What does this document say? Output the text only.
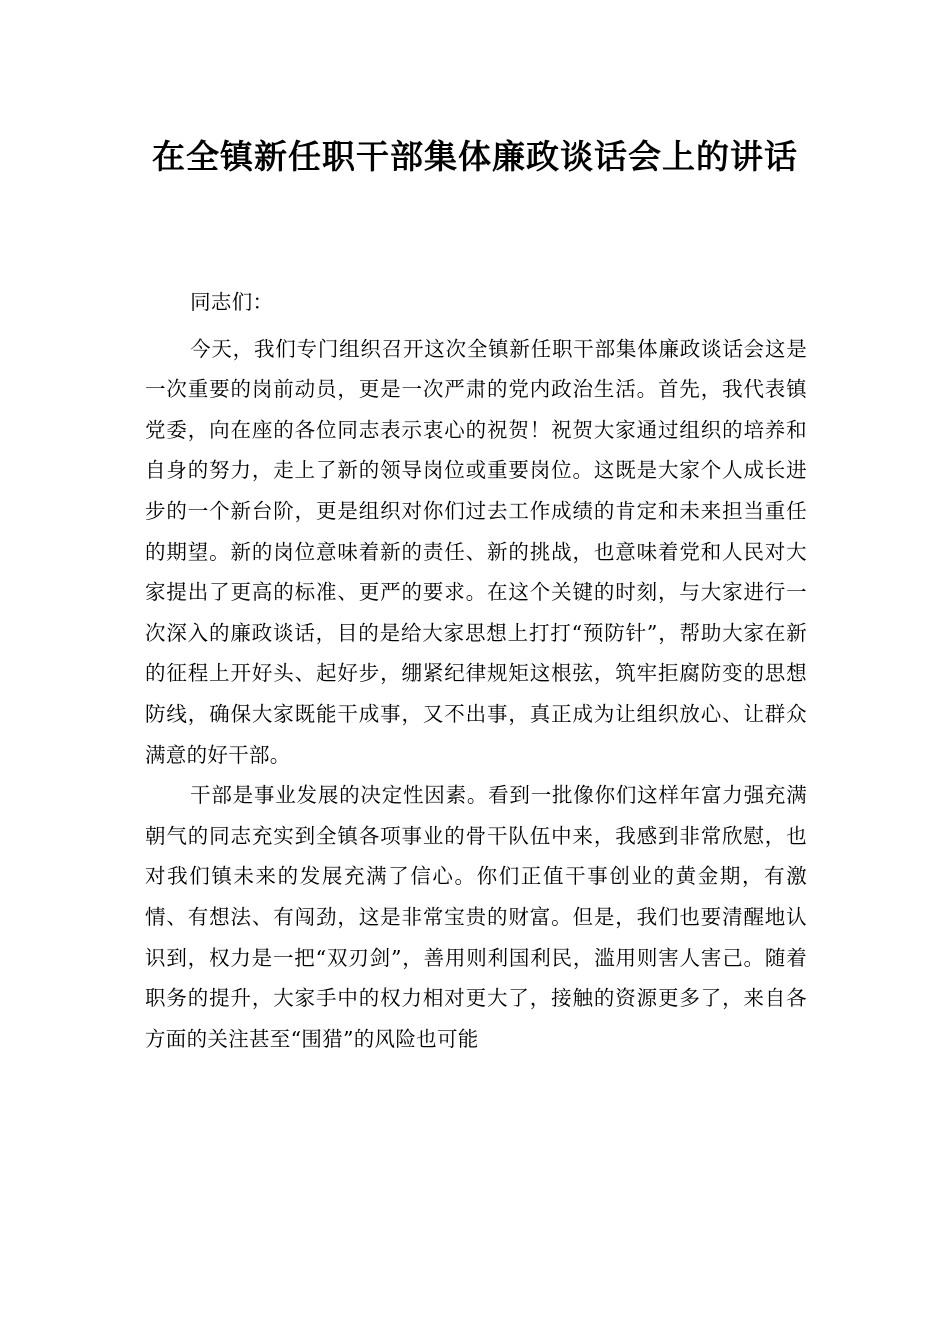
在全镇新任职干部集体廉政谈话会上的讲话

同志们：

今天，我们专门组织召开这次全镇新任职干部集体廉政谈话会这是一次重要的岗前动员，更是一次严肃的党内政治生活。首先，我代表镇党委，向在座的各位同志表示衷心的祝贺！祝贺大家通过组织的培养和自身的努力，走上了新的领导岗位或重要岗位。这既是大家个人成长进步的一个新台阶，更是组织对你们过去工作成绩的肯定和未来担当重任的期望。新的岗位意味着新的责任、新的挑战，也意味着党和人民对大家提出了更高的标准、更严的要求。在这个关键的时刻，与大家进行一次深入的廉政谈话，目的是给大家思想上打打“预防针”，帮助大家在新的征程上开好头、起好步，绷紧纪律规矩这根弦，筑牢拒腐防变的思想防线，确保大家既能干成事，又不出事，真正成为让组织放心、让群众满意的好干部。

干部是事业发展的决定性因素。看到一批像你们这样年富力强充满朝气的同志充实到全镇各项事业的骨干队伍中来，我感到非常欣慰，也对我们镇未来的发展充满了信心。你们正值干事创业的黄金期，有激情、有想法、有闯劲，这是非常宝贵的财富。但是，我们也要清醒地认识到，权力是一把“双刃剑”，善用则利国利民，滥用则害人害己。随着职务的提升，大家手中的权力相对更大了，接触的资源更多了，来自各方面的关注甚至“围猎”的风险也可能
